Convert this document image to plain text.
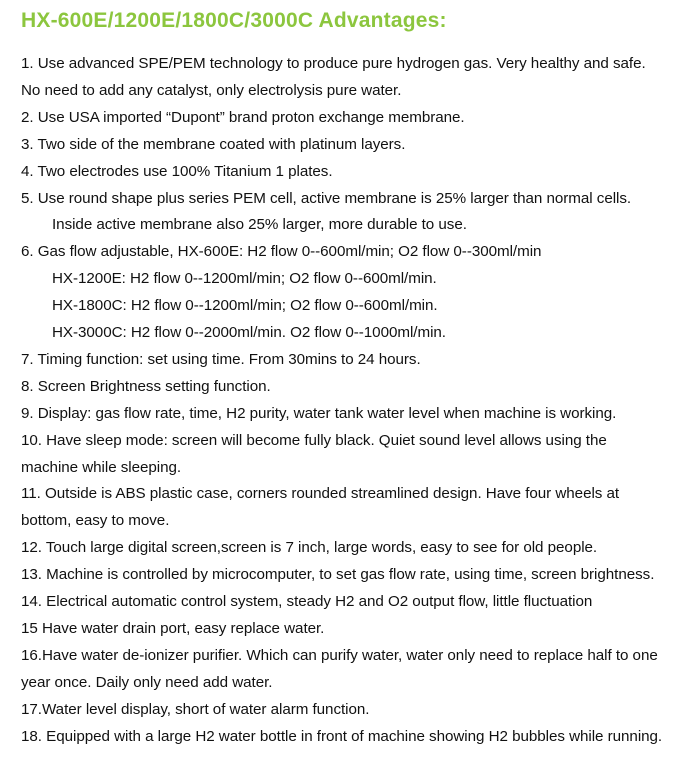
HX-600E/1200E/1800C/3000C Advantages:
1. Use advanced SPE/PEM technology to produce pure hydrogen gas. Very healthy and safe.
No need to add any catalyst, only electrolysis pure water.
2. Use USA imported “Dupont” brand proton exchange membrane.
3. Two side of the membrane coated with platinum layers.
4. Two electrodes use 100% Titanium 1 plates.
5. Use round shape plus series PEM cell, active membrane is 25% larger than normal cells.
Inside active membrane also 25% larger, more durable to use.
6. Gas flow adjustable, HX-600E: H2 flow 0--600ml/min; O2 flow 0--300ml/min
HX-1200E: H2 flow 0--1200ml/min; O2 flow 0--600ml/min.
HX-1800C: H2 flow 0--1200ml/min; O2 flow 0--600ml/min.
HX-3000C: H2 flow 0--2000ml/min. O2 flow 0--1000ml/min.
7. Timing function: set using time. From 30mins to 24 hours.
8. Screen Brightness setting function.
9. Display: gas flow rate, time, H2 purity, water tank water level when machine is working.
10. Have sleep mode: screen will become fully black. Quiet sound level allows using the
machine while sleeping.
11. Outside is ABS plastic case, corners rounded streamlined design. Have four wheels at
bottom, easy to move.
12. Touch large digital screen,screen is 7 inch, large words, easy to see for old people.
13. Machine is controlled by microcomputer, to set gas flow rate, using time, screen brightness.
14. Electrical automatic control system, steady H2 and O2 output flow, little fluctuation
15 Have water drain port, easy replace water.
16.Have water de-ionizer purifier. Which can purify water, water only need to replace half to one
year once. Daily only need add water.
17.Water level display, short of water alarm function.
18. Equipped with a large H2 water bottle in front of machine showing H2 bubbles while running.
